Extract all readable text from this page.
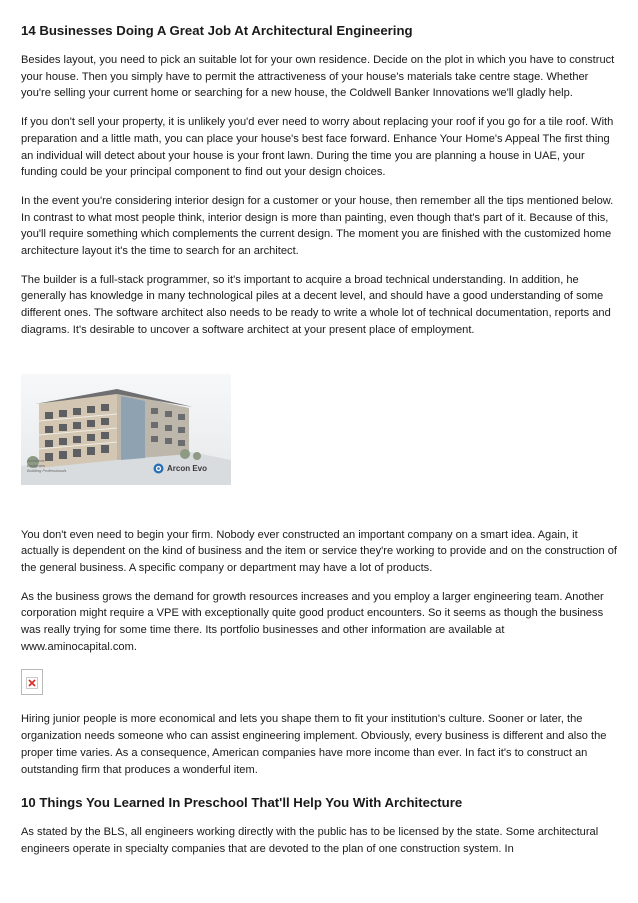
14 Businesses Doing A Great Job At Architectural Engineering

Besides layout, you need to pick an suitable lot for your own residence. Decide on the plot in which you have to construct your house. Then you simply have to permit the attractiveness of your house's materials take centre stage. Whether you're selling your current home or searching for a new house, the Coldwell Banker Innovations we'll gladly help.

If you don't sell your property, it is unlikely you'd ever need to worry about replacing your roof if you go for a tile roof. With preparation and a little math, you can place your house's best face forward. Enhance Your Home's Appeal The first thing an individual will detect about your house is your front lawn. During the time you are planning a house in UAE, your funding could be your principal component to find out your design choices.

In the event you're considering interior design for a customer or your house, then remember all the tips mentioned below. In contrast to what most people think, interior design is more than painting, even though that's part of it. Because of this, you'll require something which complements the current design. The moment you are finished with the customized home architecture layout it's the time to search for an architect.

The builder is a full-stack programmer, so it's important to acquire a broad technical understanding. In addition, he generally has knowledge in many technological piles at a decent level, and should have a good understanding of some different ones. The software architect also needs to be ready to write a whole lot of technical documentation, reports and diagrams. It's desirable to uncover a software architect at your present place of employment.

Architects
Designers
Building Professionals	Arcon Evo

You don't even need to begin your firm. Nobody ever constructed an important company on a smart idea. Again, it actually is dependent on the kind of business and the item or service they're working to provide and on the construction of the general business. A specific company or department may have a lot of products.

As the business grows the demand for growth resources increases and you employ a larger engineering team. Another corporation might require a VPE with exceptionally quite good product encounters. So it seems as though the business was really trying for some time there. Its portfolio businesses and other information are available at www.aminocapital.com.

Hiring junior people is more economical and lets you shape them to fit your institution's culture. Sooner or later, the organization needs someone who can assist engineering implement. Obviously, every business is different and also the proper time varies. As a consequence, American companies have more income than ever. In fact it's to construct an outstanding firm that produces a wonderful item.

10 Things You Learned In Preschool That'll Help You With Architecture

As stated by the BLS, all engineers working directly with the public has to be licensed by the state. Some architectural engineers operate in specialty companies that are devoted to the plan of one construction system. In
